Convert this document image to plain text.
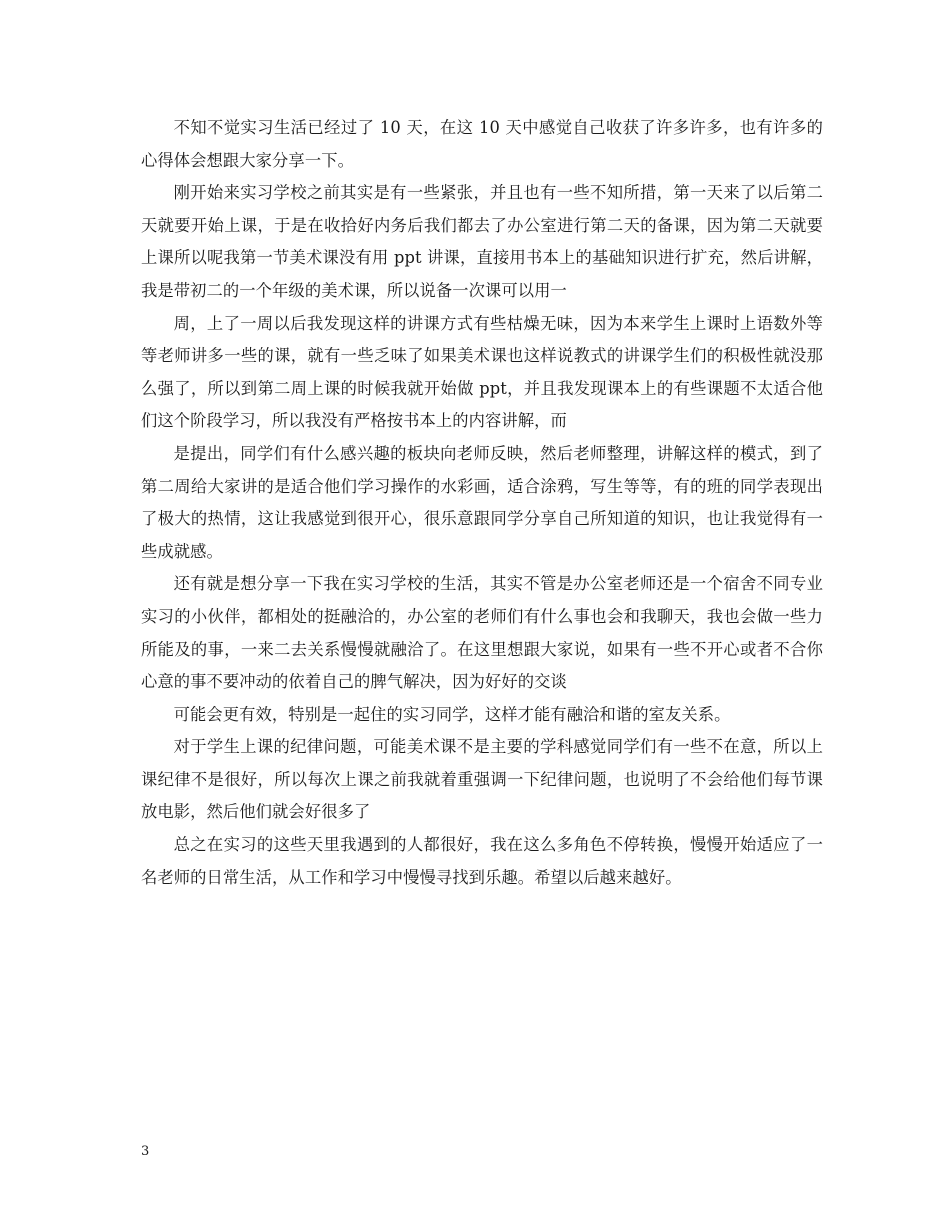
不知不觉实习生活已经过了 10 天，在这 10 天中感觉自己收获了许多许多，也有许多的心得体会想跟大家分享一下。

刚开始来实习学校之前其实是有一些紧张，并且也有一些不知所措，第一天来了以后第二天就要开始上课，于是在收拾好内务后我们都去了办公室进行第二天的备课，因为第二天就要上课所以呢我第一节美术课没有用 ppt 讲课，直接用书本上的基础知识进行扩充，然后讲解，我是带初二的一个年级的美术课，所以说备一次课可以用一

周，上了一周以后我发现这样的讲课方式有些枯燥无味，因为本来学生上课时上语数外等等老师讲多一些的课，就有一些乏味了如果美术课也这样说教式的讲课学生们的积极性就没那么强了，所以到第二周上课的时候我就开始做 ppt，并且我发现课本上的有些课题不太适合他们这个阶段学习，所以我没有严格按书本上的内容讲解，而

是提出，同学们有什么感兴趣的板块向老师反映，然后老师整理，讲解这样的模式，到了第二周给大家讲的是适合他们学习操作的水彩画，适合涂鸦，写生等等，有的班的同学表现出了极大的热情，这让我感觉到很开心，很乐意跟同学分享自己所知道的知识，也让我觉得有一些成就感。

还有就是想分享一下我在实习学校的生活，其实不管是办公室老师还是一个宿舍不同专业实习的小伙伴，都相处的挺融洽的，办公室的老师们有什么事也会和我聊天，我也会做一些力所能及的事，一来二去关系慢慢就融洽了。在这里想跟大家说，如果有一些不开心或者不合你心意的事不要冲动的依着自己的脾气解决，因为好好的交谈

可能会更有效，特别是一起住的实习同学，这样才能有融洽和谐的室友关系。

对于学生上课的纪律问题，可能美术课不是主要的学科感觉同学们有一些不在意，所以上课纪律不是很好，所以每次上课之前我就着重强调一下纪律问题，也说明了不会给他们每节课放电影，然后他们就会好很多了

总之在实习的这些天里我遇到的人都很好，我在这么多角色不停转换，慢慢开始适应了一名老师的日常生活，从工作和学习中慢慢寻找到乐趣。希望以后越来越好。

3
